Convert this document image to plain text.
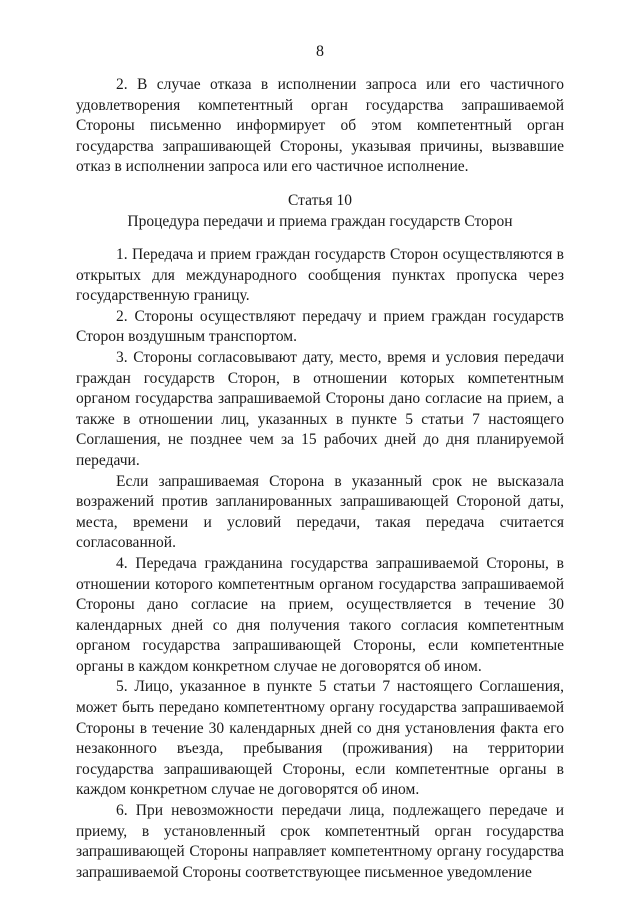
8

2. В случае отказа в исполнении запроса или его частичного удовлетворения компетентный орган государства запрашиваемой Стороны письменно информирует об этом компетентный орган государства запрашивающей Стороны, указывая причины, вызвавшие отказ в исполнении запроса или его частичное исполнение.

Статья 10
Процедура передачи и приема граждан государств Сторон

1. Передача и прием граждан государств Сторон осуществляются в открытых для международного сообщения пунктах пропуска через государственную границу.

2. Стороны осуществляют передачу и прием граждан государств Сторон воздушным транспортом.

3. Стороны согласовывают дату, место, время и условия передачи граждан государств Сторон, в отношении которых компетентным органом государства запрашиваемой Стороны дано согласие на прием, а также в отношении лиц, указанных в пункте 5 статьи 7 настоящего Соглашения, не позднее чем за 15 рабочих дней до дня планируемой передачи.

Если запрашиваемая Сторона в указанный срок не высказала возражений против запланированных запрашивающей Стороной даты, места, времени и условий передачи, такая передача считается согласованной.

4. Передача гражданина государства запрашиваемой Стороны, в отношении которого компетентным органом государства запрашиваемой Стороны дано согласие на прием, осуществляется в течение 30 календарных дней со дня получения такого согласия компетентным органом государства запрашивающей Стороны, если компетентные органы в каждом конкретном случае не договорятся об ином.

5. Лицо, указанное в пункте 5 статьи 7 настоящего Соглашения, может быть передано компетентному органу государства запрашиваемой Стороны в течение 30 календарных дней со дня установления факта его незаконного въезда, пребывания (проживания) на территории государства запрашивающей Стороны, если компетентные органы в каждом конкретном случае не договорятся об ином.

6. При невозможности передачи лица, подлежащего передаче и приему, в установленный срок компетентный орган государства запрашивающей Стороны направляет компетентному органу государства запрашиваемой Стороны соответствующее письменное уведомление
